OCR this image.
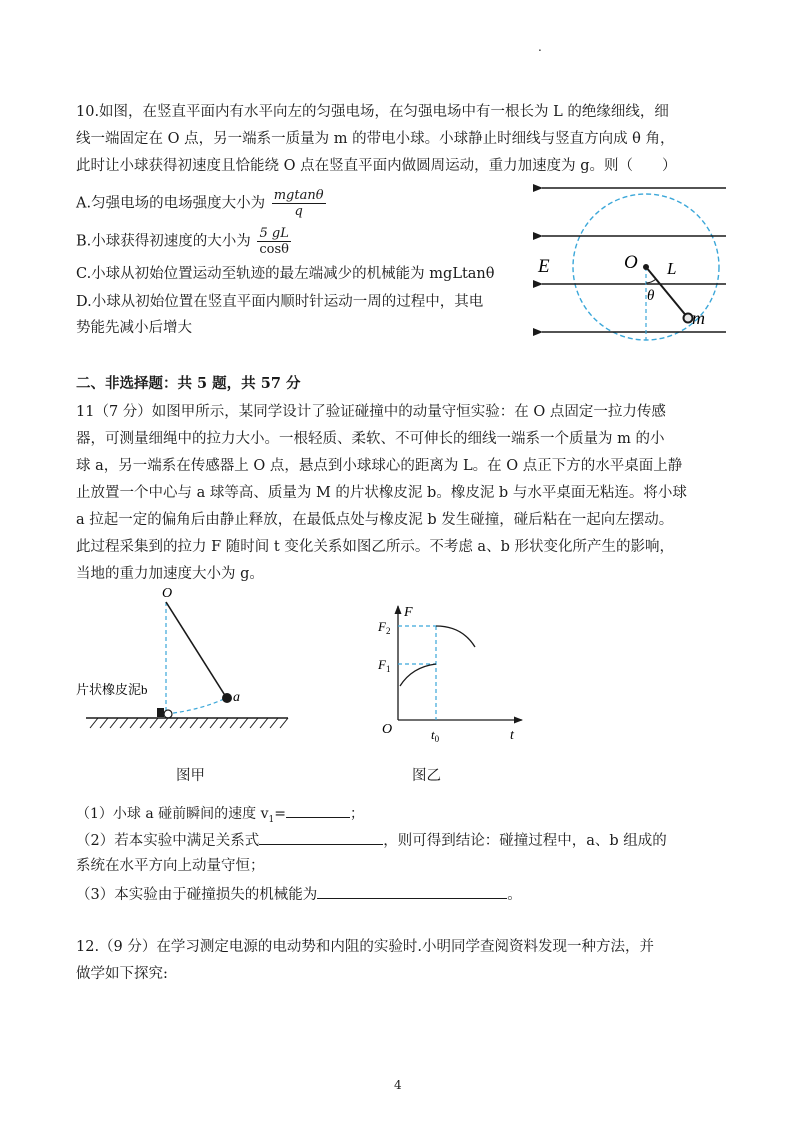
.
10.如图，在竖直平面内有水平向左的匀强电场，在匀强电场中有一根长为 L 的绝缘细线，细
线一端固定在 O 点，另一端系一质量为 m 的带电小球。小球静止时细线与竖直方向成 θ 角，
此时让小球获得初速度且恰能绕 O 点在竖直平面内做圆周运动，重力加速度为 g。则（　　）
A.匀强电场的电场强度大小为 $\frac{mgtan\theta}{q}$
B.小球获得初速度的大小为 $\frac{5 gL}{\cos\theta}$
C.小球从初始位置运动至轨迹的最左端减少的机械能为 mgLtanθ
D.小球从初始位置在竖直平面内顺时针运动一周的过程中，其电
势能先减小后增大
E	O L
θ
m
二、非选择题：共 5 题，共 57 分
11（7 分）如图甲所示，某同学设计了验证碰撞中的动量守恒实验：在 O 点固定一拉力传感
器，可测量细绳中的拉力大小。一根轻质、柔软、不可伸长的细线一端系一个质量为 m 的小
球 a，另一端系在传感器上 O 点，悬点到小球球心的距离为 L。在 O 点正下方的水平桌面上静
止放置一个中心与 a 球等高、质量为 M 的片状橡皮泥 b。橡皮泥 b 与水平桌面无粘连。将小球
a 拉起一定的偏角后由静止释放，在最低点处与橡皮泥 b 发生碰撞，碰后粘在一起向左摆动。
此过程采集到的拉力 F 随时间 t 变化关系如图乙所示。不考虑 a、b 形状变化所产生的影响，
当地的重力加速度大小为 g。
O
片状橡皮泥b
a
图甲
F
$F_2$
$F_1$
O	$t_0$	t
图乙
（1）小球 a 碰前瞬间的速度 $v_1=$	；
（2）若本实验中满足关系式	，则可得到结论：碰撞过程中，a、b 组成的
系统在水平方向上动量守恒；
（3）本实验由于碰撞损失的机械能为	。
12.（9 分）在学习测定电源的电动势和内阻的实验时.小明同学查阅资料发现一种方法，并
做学如下探究:
4
